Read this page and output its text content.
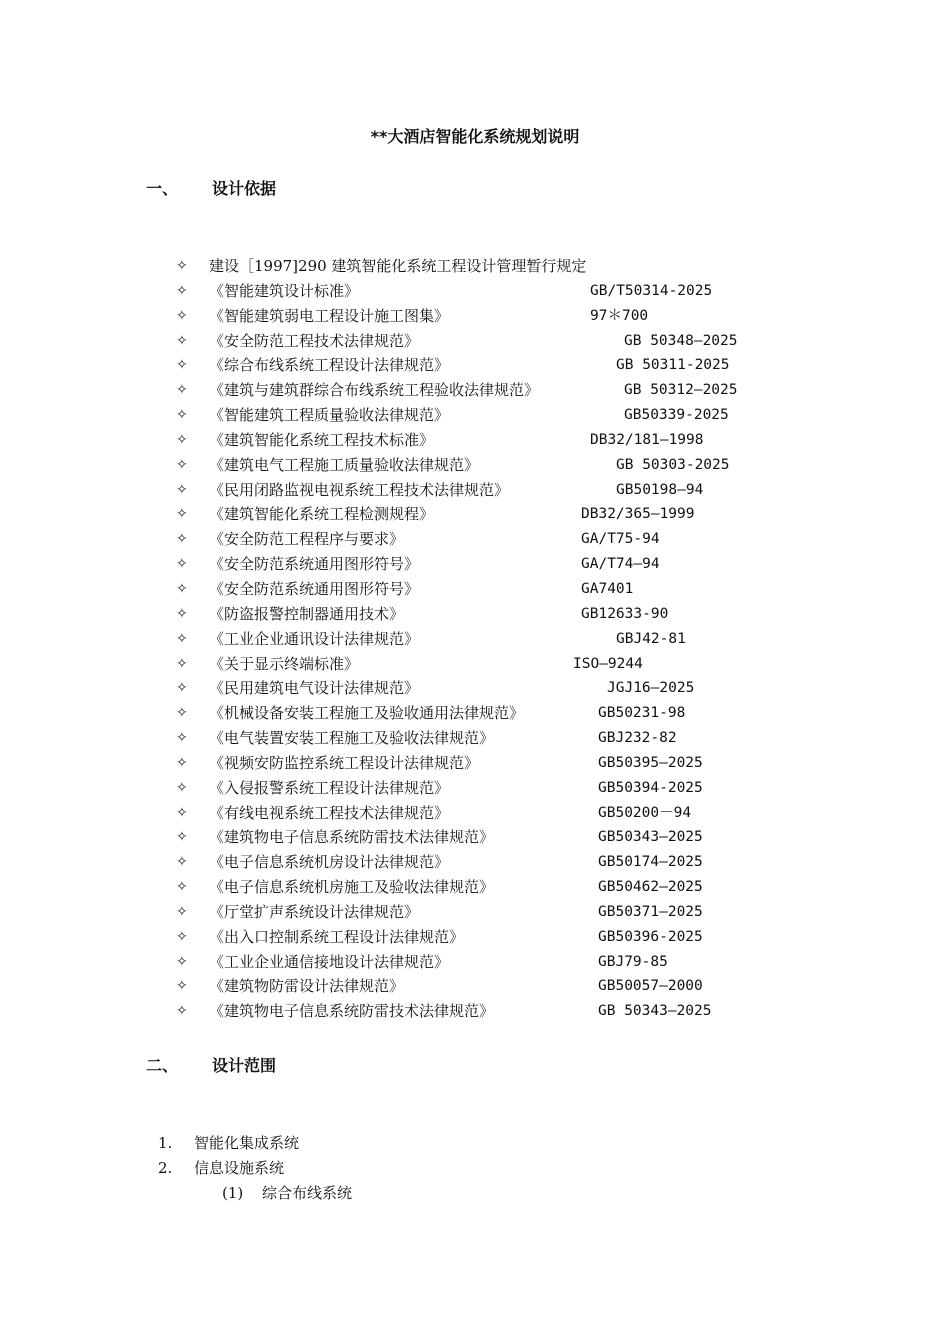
**大酒店智能化系统规划说明
一、 设计依据
✧	建设［1997]290 建筑智能化系统工程设计管理暂行规定
✧	《智能建筑设计标准》	GB/T50314-2025
✧	《智能建筑弱电工程设计施工图集》	97＊700
✧	《安全防范工程技术法律规范》	GB 50348—2025
✧	《综合布线系统工程设计法律规范》	GB 50311-2025
✧	《建筑与建筑群综合布线系统工程验收法律规范》	GB 50312—2025
✧	《智能建筑工程质量验收法律规范》	GB50339-2025
✧	《建筑智能化系统工程技术标准》	DB32/181—1998
✧	《建筑电气工程施工质量验收法律规范》	GB 50303-2025
✧	《民用闭路监视电视系统工程技术法律规范》	GB50198—94
✧	《建筑智能化系统工程检测规程》	DB32/365—1999
✧	《安全防范工程程序与要求》	GA/T75-94
✧	《安全防范系统通用图形符号》	GA/T74—94
✧	《安全防范系统通用图形符号》	GA7401
✧	《防盗报警控制器通用技术》	GB12633-90
✧	《工业企业通讯设计法律规范》	GBJ42-81
✧	《关于显示终端标准》	ISO—9244
✧	《民用建筑电气设计法律规范》	JGJ16—2025
✧	《机械设备安装工程施工及验收通用法律规范》	GB50231-98
✧	《电气装置安装工程施工及验收法律规范》	GBJ232-82
✧	《视频安防监控系统工程设计法律规范》	GB50395—2025
✧	《入侵报警系统工程设计法律规范》	GB50394-2025
✧	《有线电视系统工程技术法律规范》	GB50200－94
✧	《建筑物电子信息系统防雷技术法律规范》	GB50343—2025
✧	《电子信息系统机房设计法律规范》	GB50174—2025
✧	《电子信息系统机房施工及验收法律规范》	GB50462—2025
✧	《厅堂扩声系统设计法律规范》	GB50371—2025
✧	《出入口控制系统工程设计法律规范》	GB50396-2025
✧	《工业企业通信接地设计法律规范》	GBJ79-85
✧	《建筑物防雷设计法律规范》	GB50057—2000
✧	《建筑物电子信息系统防雷技术法律规范》	GB 50343—2025
二、 设计范围
1. 智能化集成系统
2. 信息设施系统
(1) 综合布线系统
